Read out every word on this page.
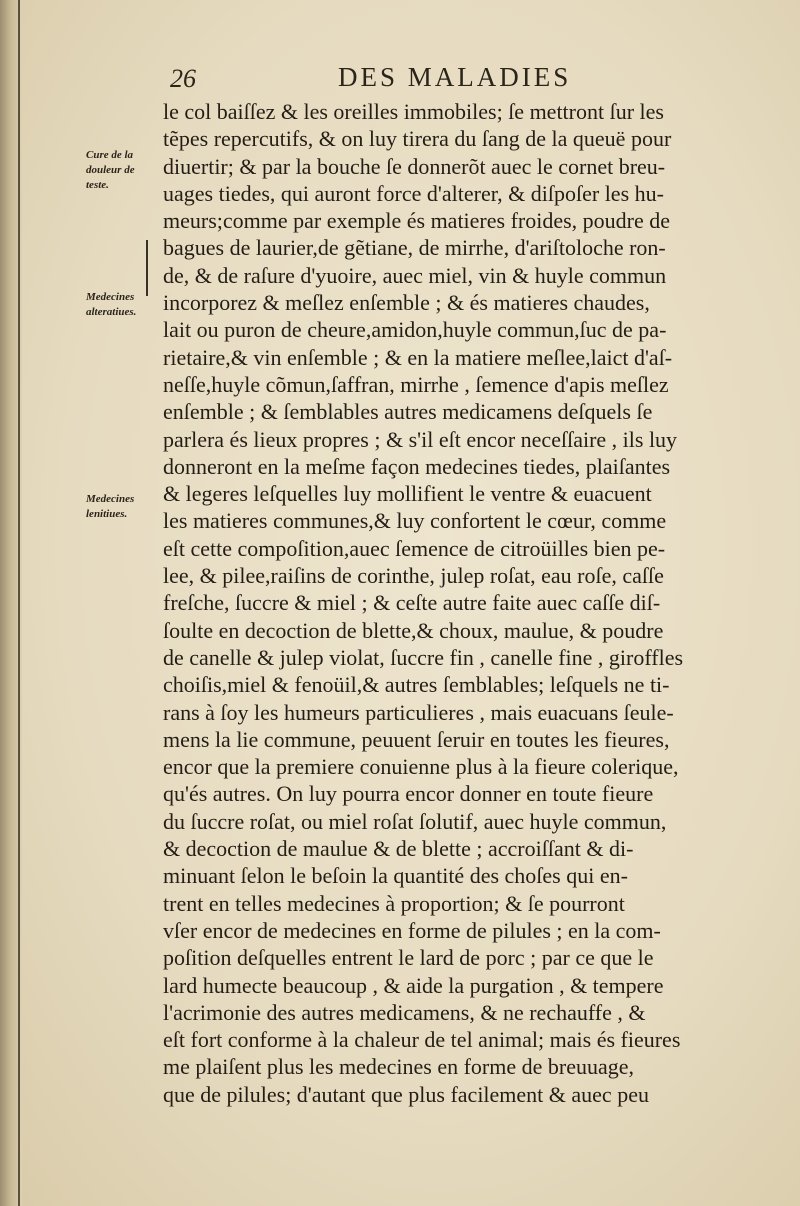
26	DES MALADIES
Cure de la
douleur de
teste.
Medecines
alteratiues.
Medecines
lenitiues.
le col baiſſez & les oreilles immobiles; ſe mettront ſur les
tẽpes repercutifs, & on luy tirera du ſang de la queuë pour
diuertir; & par la bouche ſe donnerõt auec le cornet breu-
uages tiedes, qui auront force d'alterer, & diſpoſer les hu-
meurs;comme par exemple és matieres froides, poudre de
bagues de laurier,de gẽtiane, de mirrhe, d'ariſtoloche ron-
de, & de raſure d'yuoire, auec miel, vin & huyle commun
incorporez & meſlez enſemble ; & és matieres chaudes,
lait ou puron de cheure,amidon,huyle commun,ſuc de pa-
rietaire,& vin enſemble ; & en la matiere meſlee,laict d'aſ-
neſſe,huyle cõmun,ſaffran, mirrhe , ſemence d'apis meſlez
enſemble ; & ſemblables autres medicamens deſquels ſe
parlera és lieux propres ; & s'il eſt encor neceſſaire , ils luy
donneront en la meſme façon medecines tiedes, plaiſantes
& legeres leſquelles luy mollifient le ventre & euacuent
les matieres communes,& luy confortent le cœur, comme
eſt cette compoſition,auec ſemence de citroüilles bien pe-
lee, & pilee,raiſins de corinthe, julep roſat, eau roſe, caſſe
freſche, ſuccre & miel ; & ceſte autre faite auec caſſe diſ-
ſoulte en decoction de blette,& choux, maulue, & poudre
de canelle & julep violat, ſuccre fin , canelle fine , giroffles
choiſis,miel & fenoüil,& autres ſemblables; leſquels ne ti-
rans à ſoy les humeurs particulieres , mais euacuans ſeule-
mens la lie commune, peuuent ſeruir en toutes les fieures,
encor que la premiere conuienne plus à la fieure colerique,
qu'és autres. On luy pourra encor donner en toute fieure
du ſuccre roſat, ou miel roſat ſolutif, auec huyle commun,
& decoction de maulue & de blette ; accroiſſant & di-
minuant ſelon le beſoin la quantité des choſes qui en-
trent en telles medecines à proportion; & ſe pourront
vſer encor de medecines en forme de pilules ; en la com-
poſition deſquelles entrent le lard de porc ; par ce que le
lard humecte beaucoup , & aide la purgation , & tempere
l'acrimonie des autres medicamens, & ne rechauffe , &
eſt fort conforme à la chaleur de tel animal; mais és fieures
me plaiſent plus les medecines en forme de breuuage,
que de pilules; d'autant que plus facilement & auec peu
